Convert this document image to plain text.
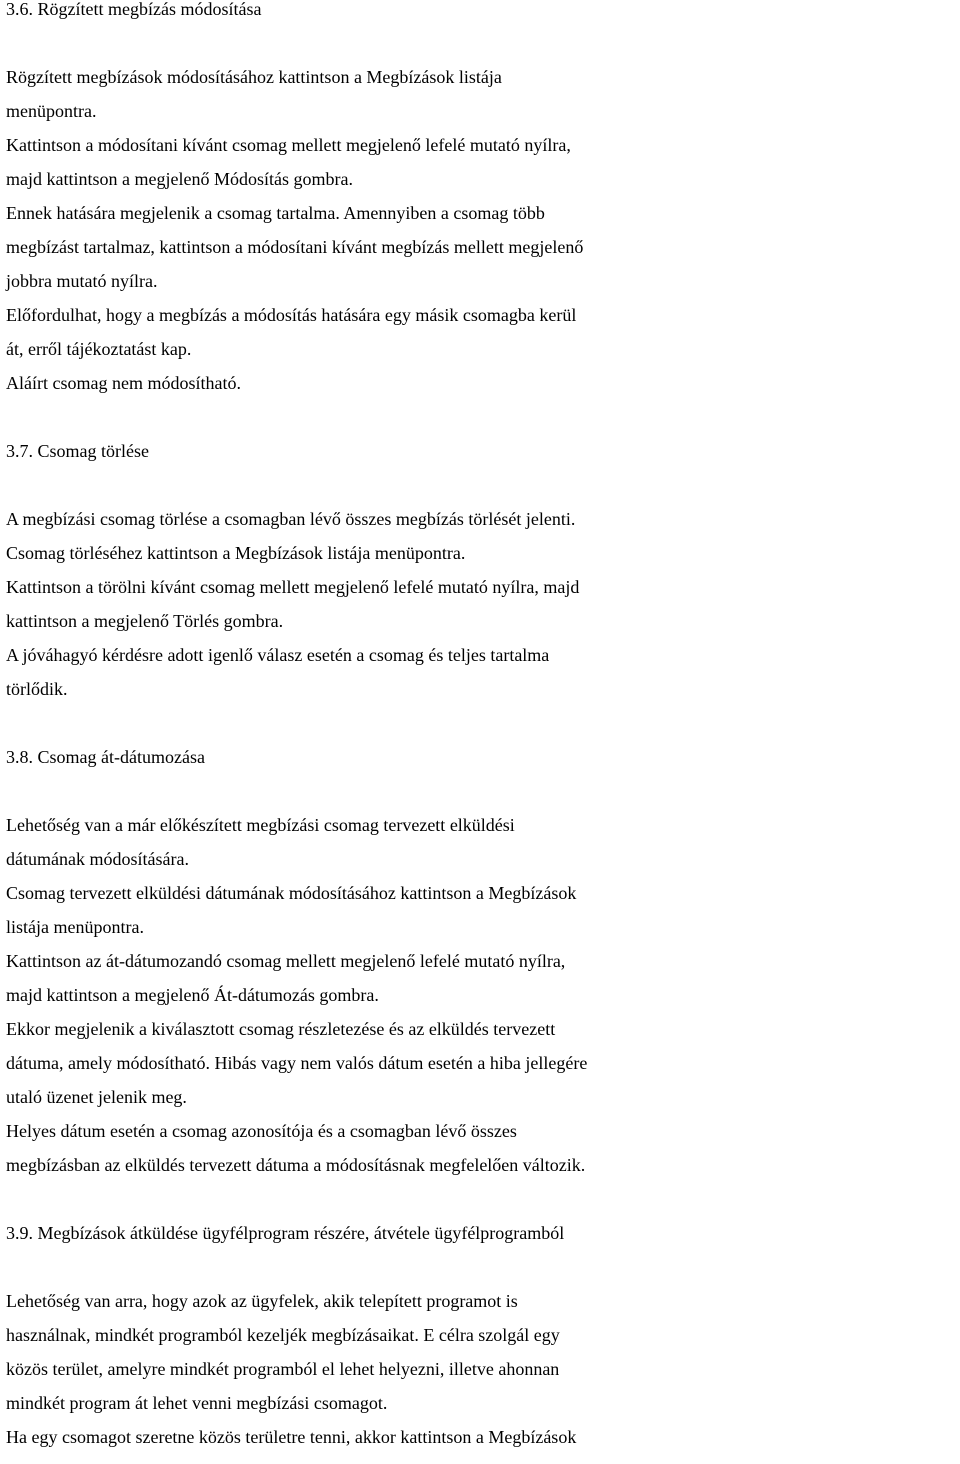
3.6. Rögzített megbízás módosítása

Rögzített megbízások módosításához kattintson a Megbízások listája

menüpontra.

Kattintson a módosítani kívánt csomag mellett megjelenő lefelé mutató nyílra,

majd kattintson a megjelenő Módosítás gombra.

Ennek hatására megjelenik a csomag tartalma. Amennyiben a csomag több

megbízást tartalmaz, kattintson a módosítani kívánt megbízás mellett megjelenő

jobbra mutató nyílra.

Előfordulhat, hogy a megbízás a módosítás hatására egy másik csomagba kerül

át, erről tájékoztatást kap.

Aláírt csomag nem módosítható.

3.7. Csomag törlése

A megbízási csomag törlése a csomagban lévő összes megbízás törlését jelenti.

Csomag törléséhez kattintson a Megbízások listája menüpontra.

Kattintson a törölni kívánt csomag mellett megjelenő lefelé mutató nyílra, majd

kattintson a megjelenő Törlés gombra.

A jóváhagyó kérdésre adott igenlő válasz esetén a csomag és teljes tartalma

törlődik.

3.8. Csomag át-dátumozása

Lehetőség van a már előkészített megbízási csomag tervezett elküldési

dátumának módosítására.

Csomag tervezett elküldési dátumának módosításához kattintson a Megbízások

listája menüpontra.

Kattintson az át-dátumozandó csomag mellett megjelenő lefelé mutató nyílra,

majd kattintson a megjelenő Át-dátumozás gombra.

Ekkor megjelenik a kiválasztott csomag részletezése és az elküldés tervezett

dátuma, amely módosítható. Hibás vagy nem valós dátum esetén a hiba jellegére

utaló üzenet jelenik meg.

Helyes dátum esetén a csomag azonosítója és a csomagban lévő összes

megbízásban az elküldés tervezett dátuma a módosításnak megfelelően változik.

3.9. Megbízások átküldése ügyfélprogram részére, átvétele ügyfélprogramból

Lehetőség van arra, hogy azok az ügyfelek, akik telepített programot is

használnak, mindkét programból kezeljék megbízásaikat. E célra szolgál egy

közös terület, amelyre mindkét programból el lehet helyezni, illetve ahonnan

mindkét program át lehet venni megbízási csomagot.

Ha egy csomagot szeretne közös területre tenni, akkor kattintson a Megbízások
